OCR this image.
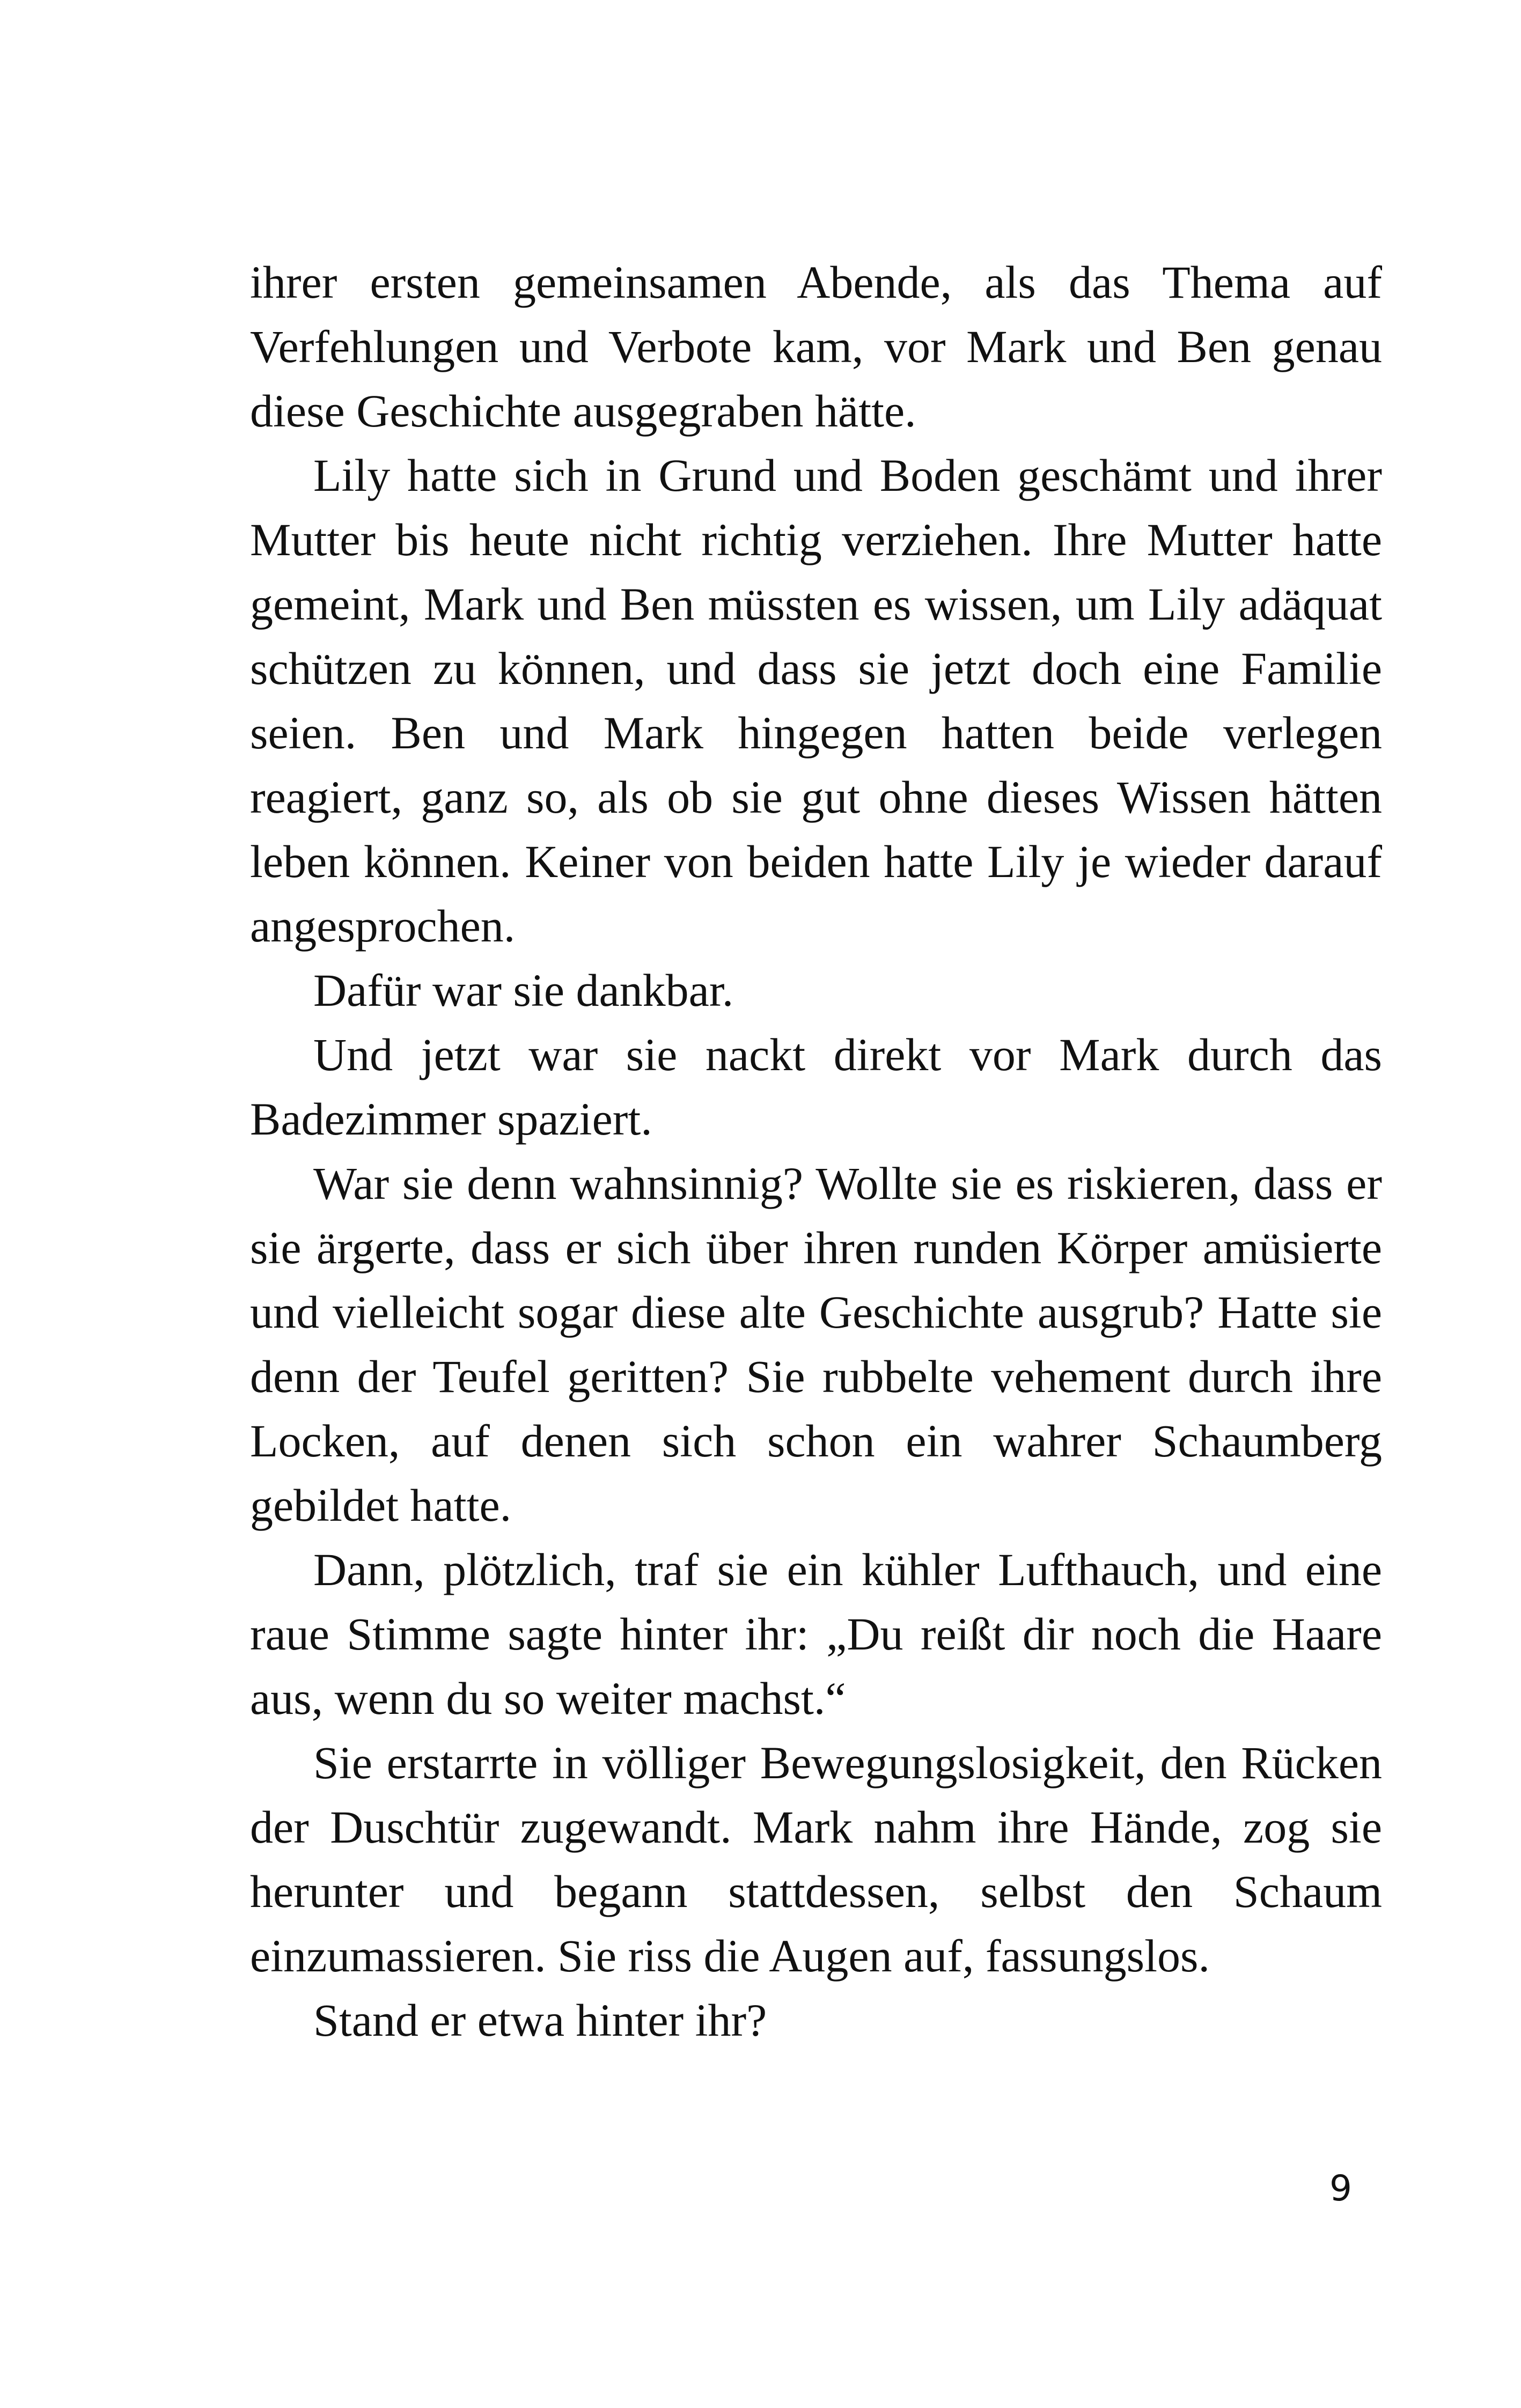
ihrer ersten gemeinsamen Abende, als das Thema auf Verfehlungen und Verbote kam, vor Mark und Ben genau diese Geschichte ausgegraben hätte.

Lily hatte sich in Grund und Boden geschämt und ihrer Mutter bis heute nicht richtig verziehen. Ihre Mutter hatte gemeint, Mark und Ben müssten es wissen, um Lily adäquat schützen zu können, und dass sie jetzt doch eine Familie seien. Ben und Mark hingegen hatten beide verlegen reagiert, ganz so, als ob sie gut ohne dieses Wissen hätten leben können. Keiner von beiden hatte Lily je wieder darauf angesprochen.

Dafür war sie dankbar.

Und jetzt war sie nackt direkt vor Mark durch das Badezimmer spaziert.

War sie denn wahnsinnig? Wollte sie es riskieren, dass er sie ärgerte, dass er sich über ihren runden Körper amüsierte und vielleicht sogar diese alte Geschichte ausgrub? Hatte sie denn der Teufel geritten? Sie rubbelte vehement durch ihre Locken, auf denen sich schon ein wahrer Schaumberg gebildet hatte.

Dann, plötzlich, traf sie ein kühler Lufthauch, und eine raue Stimme sagte hinter ihr: „Du reißt dir noch die Haare aus, wenn du so weiter machst.“

Sie erstarrte in völliger Bewegungslosigkeit, den Rücken der Duschtür zugewandt. Mark nahm ihre Hände, zog sie herunter und begann stattdessen, selbst den Schaum einzumassieren. Sie riss die Augen auf, fassungslos.

Stand er etwa hinter ihr?

9
